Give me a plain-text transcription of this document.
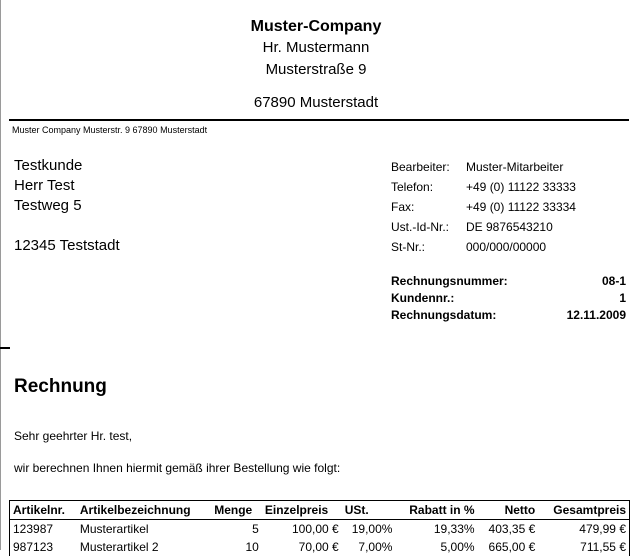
Muster-Company
Hr. Mustermann
Musterstraße 9
67890 Musterstadt
Muster Company Musterstr. 9 67890 Musterstadt
Testkunde
Herr Test
Testweg 5
12345 Teststadt
Bearbeiter: Muster-Mitarbeiter
Telefon:	+49 (0) 11122 33333
Fax:	+49 (0) 11122 33334
Ust.-Id-Nr.: DE 9876543210
St-Nr.:	000/000/00000
Rechnungsnummer:	08-1
Kundennr.:	1
Rechnungsdatum:	12.11.2009
Rechnung
Sehr geehrter Hr. test,
wir berechnen Ihnen hiermit gemäß ihrer Bestellung wie folgt:
Artikelnr.	Artikelbezeichnung	Menge	Einzelpreis	USt.	Rabatt in %	Netto	Gesamtpreis
123987	Musterartikel	5	100,00 €	19,00%	19,33%	403,35 €	479,99 €
987123	Musterartikel 2	10	70,00 €	7,00%	5,00%	665,00 €	711,55 €
